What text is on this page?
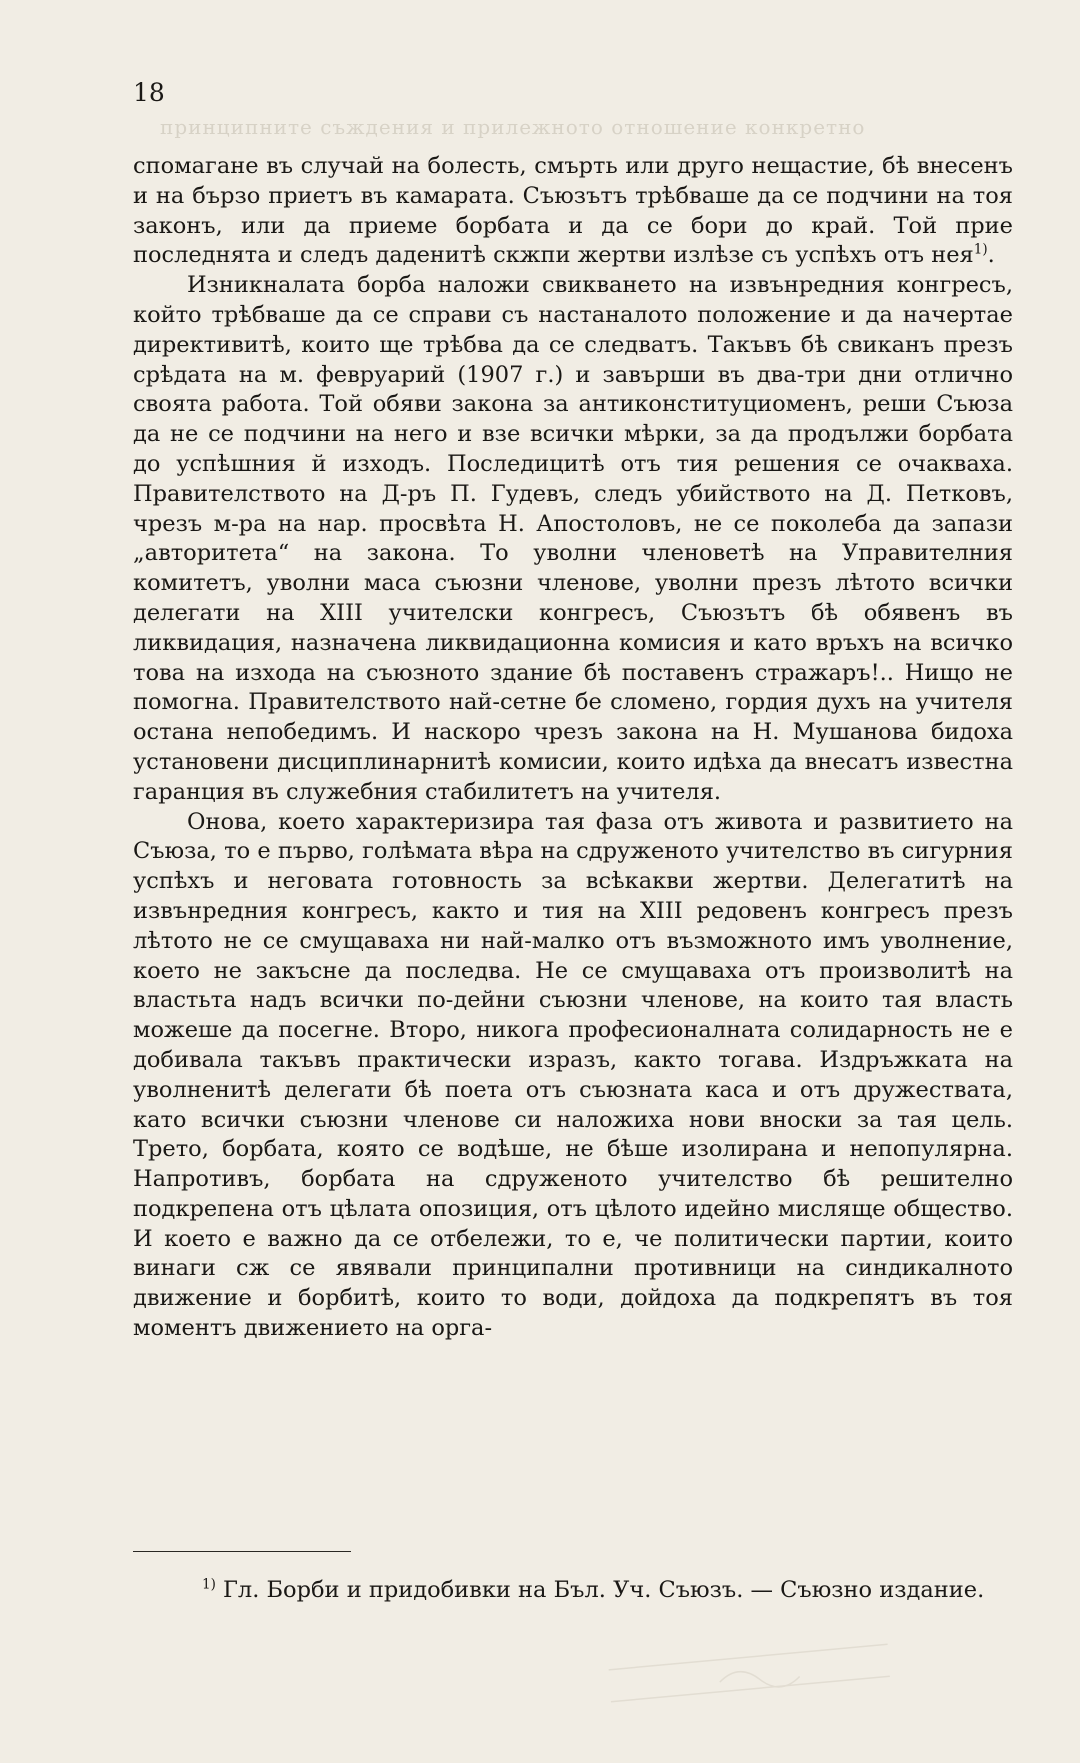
принципните съждения и прилежното отношение конкретно
18

спомагане въ случай на болесть, смърть или друго нещастие, бѣ внесенъ и на бързо приетъ въ камарата. Съюзътъ трѣбваше да се подчини на тоя законъ, или да приеме борбата и да се бори до край. Той прие последнята и следъ даденитѣ скжпи жертви излѣзе съ успѣхъ отъ нея$^{1)}$.

Изникналата борба наложи свикването на извънредния конгресъ, който трѣбваше да се справи съ настаналото положение и да начертае директивитѣ, които ще трѣбва да се следватъ. Такъвъ бѣ свиканъ презъ срѣдата на м. февруарий (1907 г.) и завърши въ два-три дни отлично своята работа. Той обяви закона за антиконституциоменъ, реши Съюза да не се подчини на него и взе всички мѣрки, за да продължи борбата до успѣшния й изходъ. Последицитѣ отъ тия решения се очакваха. Правителството на Д-ръ П. Гудевъ, следъ убийството на Д. Петковъ, чрезъ м-ра на нар. просвѣта Н. Апостоловъ, не се поколеба да запази „авторитета“ на закона. То уволни членоветѣ на Управителния комитетъ, уволни маса съюзни членове, уволни презъ лѣтото всички делегати на XIII учителски конгресъ, Съюзътъ бѣ обявенъ въ ликвидация, назначена ликвидационна комисия и като връхъ на всичко това на изхода на съюзното здание бѣ поставенъ стражаръ!.. Нищо не помогна. Правителството най-сетне бе сломено, гордия духъ на учителя остана непобедимъ. И наскоро чрезъ закона на Н. Мушанова бидоха установени дисциплинарнитѣ комисии, които идѣха да внесатъ известна гаранция въ служебния стабилитетъ на учителя.

Онова, което характеризира тая фаза отъ живота и развитието на Съюза, то е първо, голѣмата вѣра на сдруженото учителство въ сигурния успѣхъ и неговата готовность за всѣкакви жертви. Делегатитѣ на извънредния конгресъ, както и тия на XIII редовенъ конгресъ презъ лѣтото не се смущаваха ни най-малко отъ възможното имъ уволнение, което не закъсне да последва. Не се смущаваха отъ произволитѣ на властьта надъ всички по-дейни съюзни членове, на които тая власть можеше да посегне. Второ, никога професионалната солидарность не е добивала такъвъ практически изразъ, както тогава. Издръжката на уволненитѣ делегати бѣ поета отъ съюзната каса и отъ дружествата, като всички съюзни членове си наложиха нови вноски за тая цель. Трето, борбата, която се водѣше, не бѣше изолирана и непопулярна. Напротивъ, борбата на сдруженото учителство бѣ решително подкрепена отъ цѣлата опозиция, отъ цѣлото идейно мислящe общество. И което е важно да се отбележи, то е, че политически партии, които винаги сж се явявали принципални противници на синдикалното движение и борбитѣ, които то води, дойдоха да подкрепятъ въ тоя моментъ движението на орга-

$^{1)}$ Гл. Борби и придобивки на Бъл. Уч. Съюзъ. — Съюзно издание.
